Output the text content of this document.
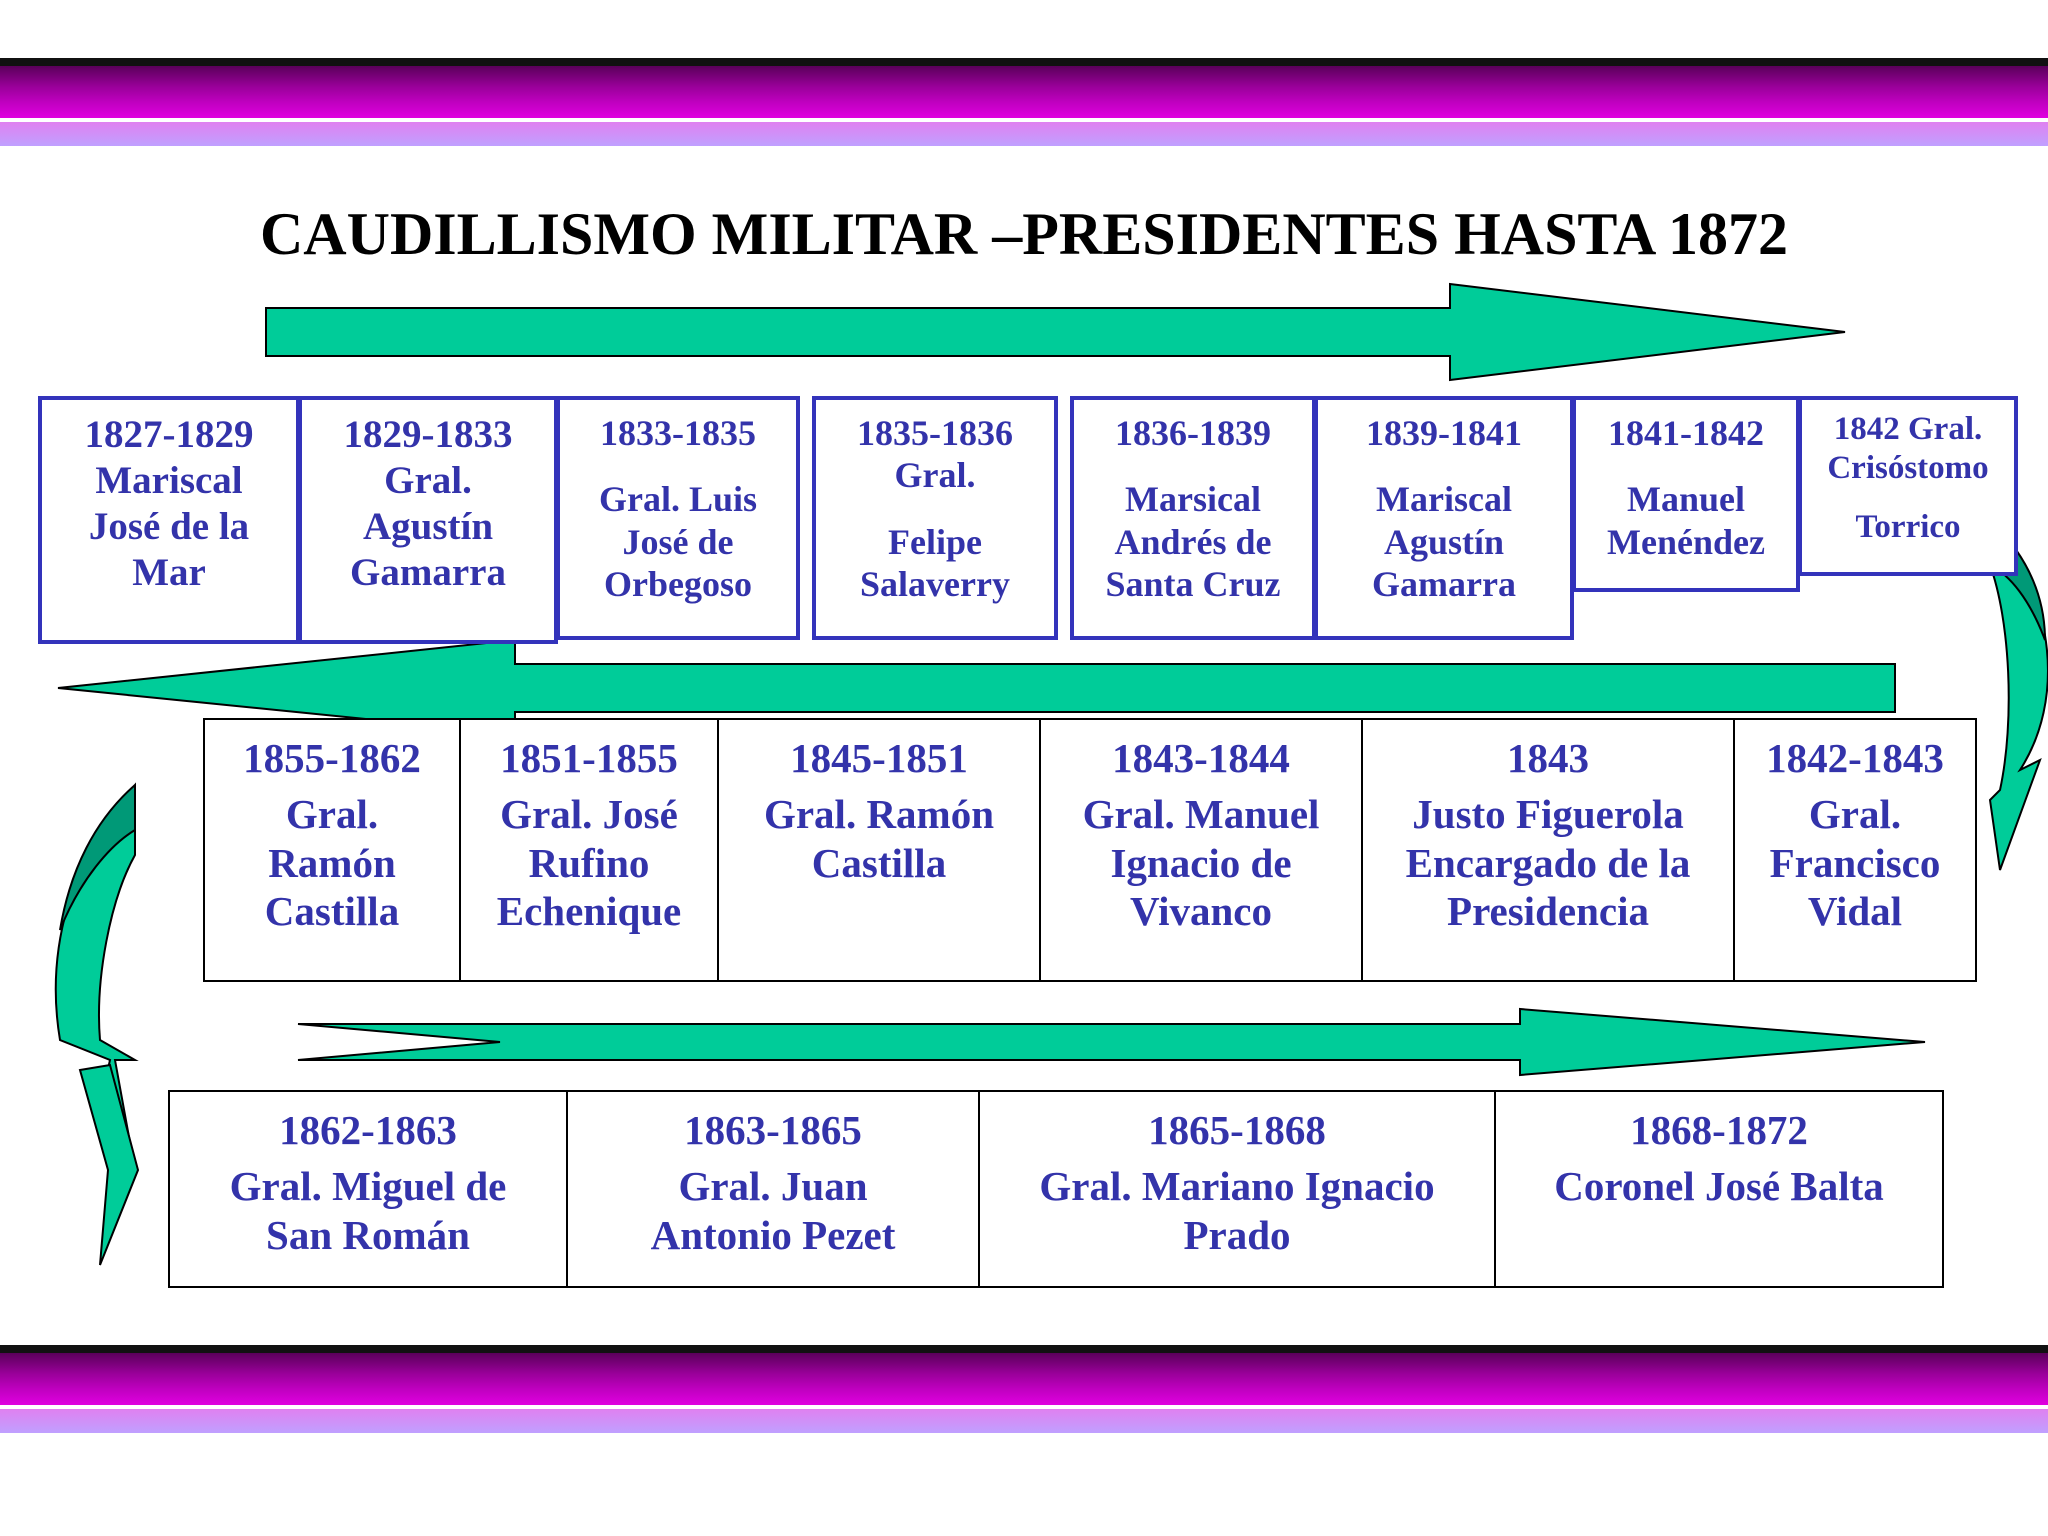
CAUDILLISMO MILITAR –PRESIDENTES HASTA 1872
1827-1829
Mariscal
José de la
Mar
1829-1833
Gral.
Agustín
Gamarra
1833-1835
Gral. Luis
José de
Orbegoso
1835-1836
Gral.
Felipe
Salaverry
1836-1839
Marsical
Andrés de
Santa Cruz
1839-1841
Mariscal
Agustín
Gamarra
1841-1842
Manuel
Menéndez
1842 Gral.
Crisóstomo
Torrico
1855-1862
Gral.
Ramón
Castilla
1851-1855
Gral. José
Rufino
Echenique
1845-1851
Gral. Ramón
Castilla
1843-1844
Gral. Manuel
Ignacio de
Vivanco
1843
Justo Figuerola
Encargado de la
Presidencia
1842-1843
Gral.
Francisco
Vidal
1862-1863
Gral. Miguel de
San Román
1863-1865
Gral. Juan
Antonio Pezet
1865-1868
Gral. Mariano Ignacio
Prado
1868-1872
Coronel José Balta
